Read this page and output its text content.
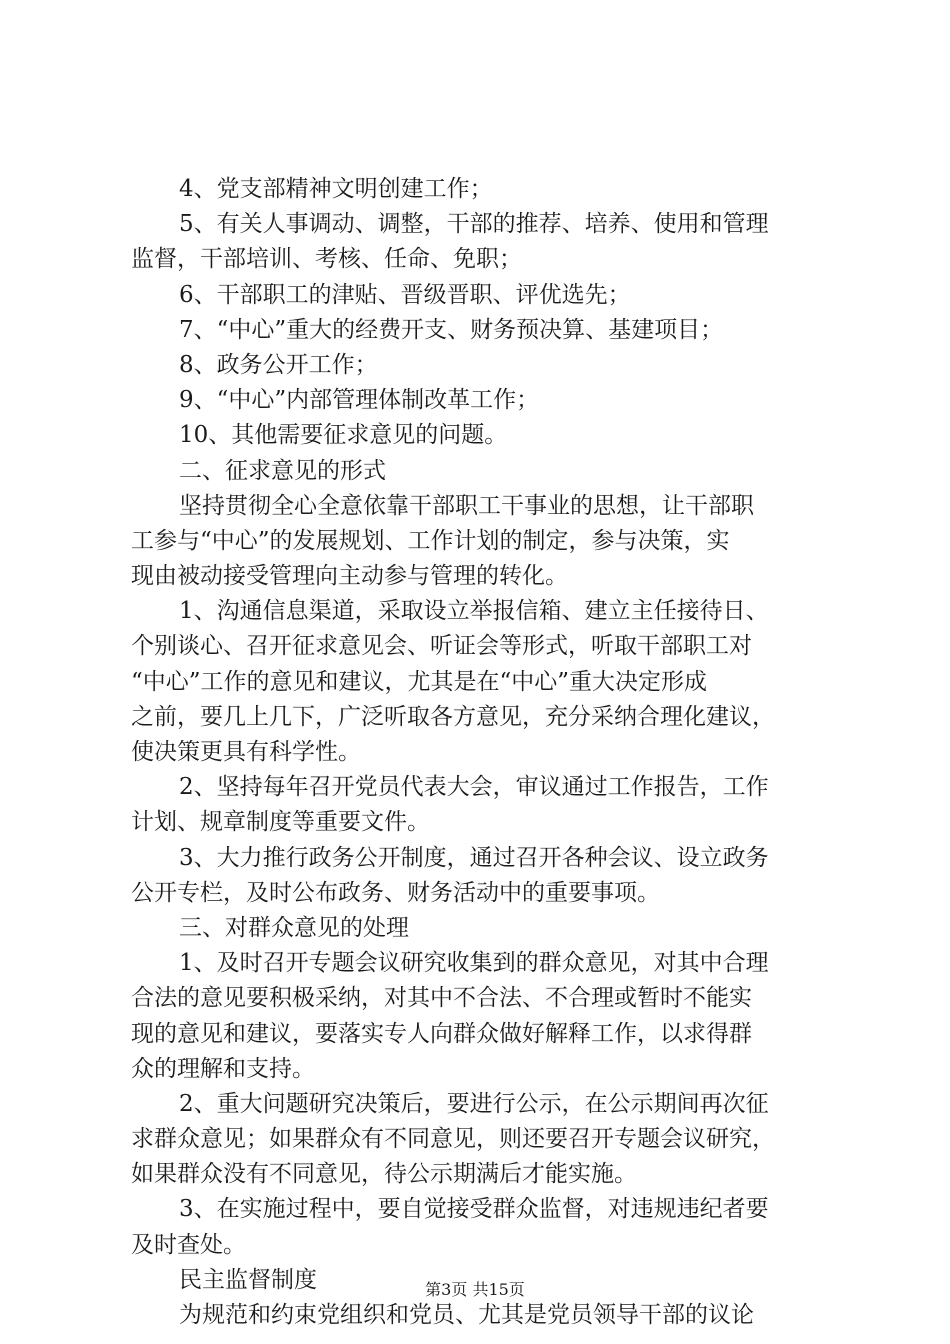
4、党支部精神文明创建工作；
5、有关人事调动、调整，干部的推荐、培养、使用和管理
监督，干部培训、考核、任命、免职；
6、干部职工的津贴、晋级晋职、评优选先；
7、“中心”重大的经费开支、财务预决算、基建项目；
8、政务公开工作；
9、“中心”内部管理体制改革工作；
10、其他需要征求意见的问题。
二、征求意见的形式
坚持贯彻全心全意依靠干部职工干事业的思想，让干部职
工参与“中心”的发展规划、工作计划的制定，参与决策，实
现由被动接受管理向主动参与管理的转化。
1、沟通信息渠道，采取设立举报信箱、建立主任接待日、
个别谈心、召开征求意见会、听证会等形式，听取干部职工对
“中心”工作的意见和建议，尤其是在“中心”重大决定形成
之前，要几上几下，广泛听取各方意见，充分采纳合理化建议，
使决策更具有科学性。
2、坚持每年召开党员代表大会，审议通过工作报告，工作
计划、规章制度等重要文件。
3、大力推行政务公开制度，通过召开各种会议、设立政务
公开专栏，及时公布政务、财务活动中的重要事项。
三、对群众意见的处理
1、及时召开专题会议研究收集到的群众意见，对其中合理
合法的意见要积极采纳，对其中不合法、不合理或暂时不能实
现的意见和建议，要落实专人向群众做好解释工作，以求得群
众的理解和支持。
2、重大问题研究决策后，要进行公示，在公示期间再次征
求群众意见；如果群众有不同意见，则还要召开专题会议研究，
如果群众没有不同意见，待公示期满后才能实施。
3、在实施过程中，要自觉接受群众监督，对违规违纪者要
及时查处。
民主监督制度
为规范和约束党组织和党员、尤其是党员领导干部的议论
第3页 共15页
